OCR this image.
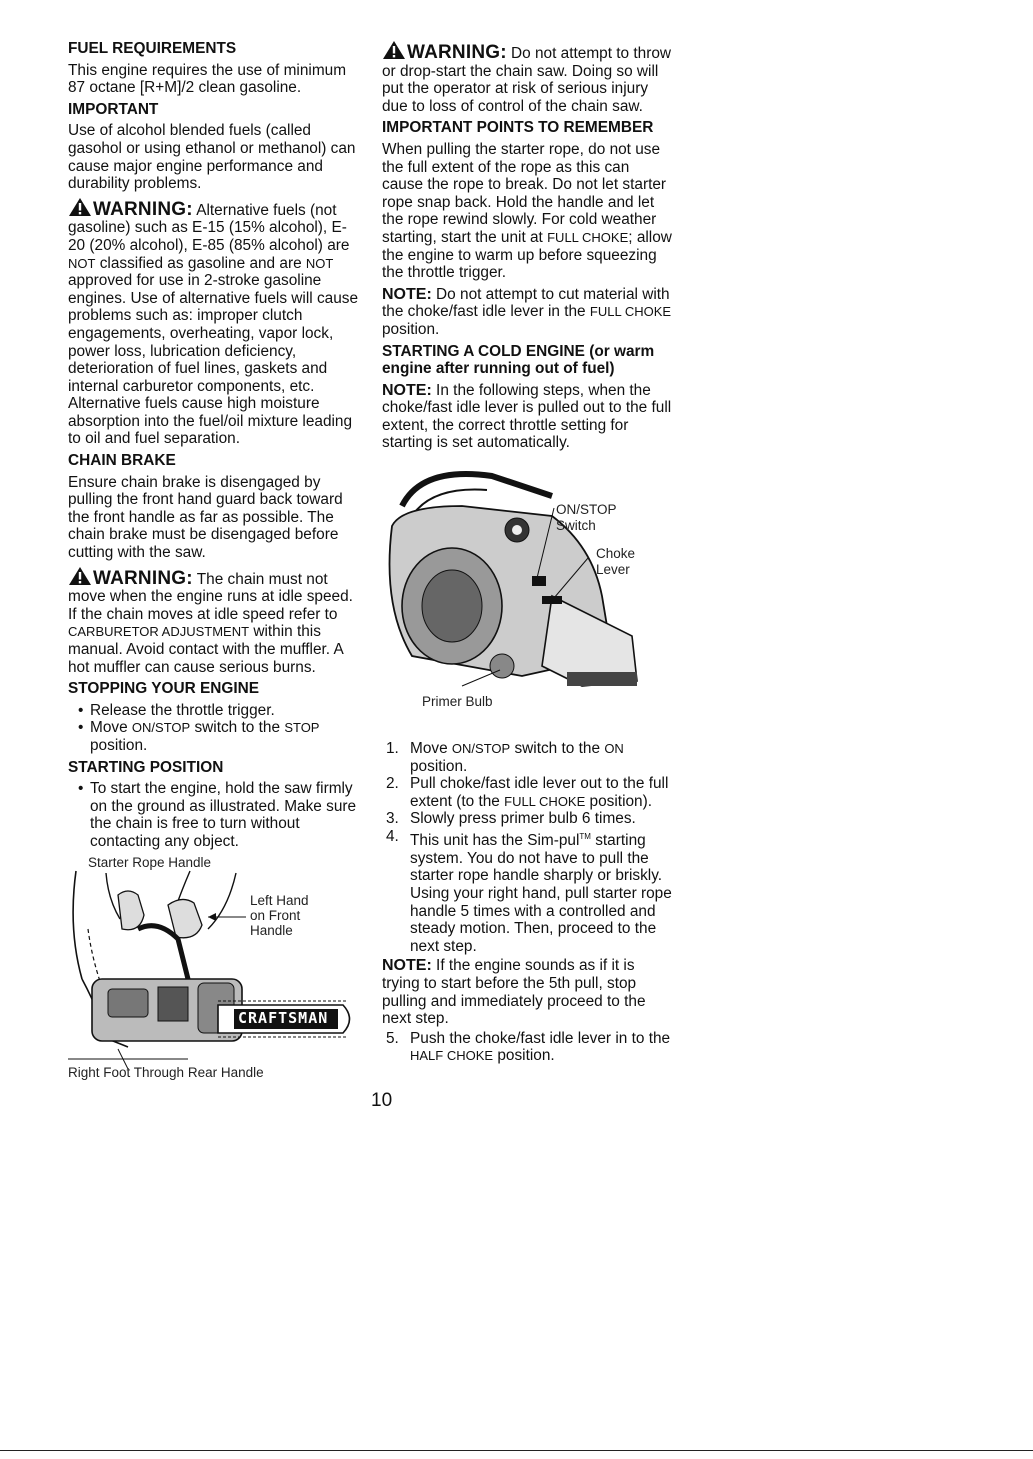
FUEL REQUIREMENTS

This engine requires the use of minimum 87 octane [R+M]/2 clean gasoline.

IMPORTANT

Use of alcohol blended fuels (called gasohol or using ethanol or methanol) can cause major engine performance and durability problems.

WARNING: Alternative fuels (not gasoline) such as E-15 (15% alcohol), E-20 (20% alcohol), E-85 (85% alcohol) are NOT classified as gasoline and are NOT approved for use in 2-stroke gasoline engines. Use of alternative fuels will cause problems such as: improper clutch engagements, overheating, vapor lock, power loss, lubrication deficiency, deterioration of fuel lines, gaskets and internal carburetor components, etc. Alternative fuels cause high moisture absorption into the fuel/oil mixture leading to oil and fuel separation.

CHAIN BRAKE

Ensure chain brake is disengaged by pulling the front hand guard back toward the front handle as far as possible. The chain brake must be disengaged before cutting with the saw.

WARNING: The chain must not move when the engine runs at idle speed. If the chain moves at idle speed refer to CARBURETOR ADJUSTMENT within this manual. Avoid contact with the muffler. A hot muffler can cause serious burns.

STOPPING YOUR ENGINE

• Release the throttle trigger.
• Move ON/STOP switch to the STOP position.

STARTING POSITION

• To start the engine, hold the saw firmly on the ground as illustrated. Make sure the chain is free to turn without contacting any object.
Starter Rope Handle
Left Hand
on Front
Handle
CRAFTSMAN
Right Foot Through Rear Handle

WARNING: Do not attempt to throw or drop-start the chain saw. Doing so will put the operator at risk of serious injury due to loss of control of the chain saw.

IMPORTANT POINTS TO REMEMBER

When pulling the starter rope, do not use the full extent of the rope as this can cause the rope to break. Do not let starter rope snap back. Hold the handle and let the rope rewind slowly. For cold weather starting, start the unit at FULL CHOKE; allow the engine to warm up before squeezing the throttle trigger.

NOTE: Do not attempt to cut material with the choke/fast idle lever in the FULL CHOKE position.

STARTING A COLD ENGINE (or warm engine after running out of fuel)

NOTE: In the following steps, when the choke/fast idle lever is pulled out to the full extent, the correct throttle setting for starting is set automatically.

ON/STOP
Switch
Choke
Lever
Primer Bulb
1. Move ON/STOP switch to the ON position.
2. Pull choke/fast idle lever out to the full extent (to the FULL CHOKE position).
3. Slowly press primer bulb 6 times.
4. This unit has the Sim-pul™ starting system. You do not have to pull the starter rope handle sharply or briskly. Using your right hand, pull starter rope handle 5 times with a controlled and steady motion. Then, proceed to the next step.

NOTE: If the engine sounds as if it is trying to start before the 5th pull, stop pulling and immediately proceed to the next step.

5. Push the choke/fast idle lever in to the HALF CHOKE position.
10
